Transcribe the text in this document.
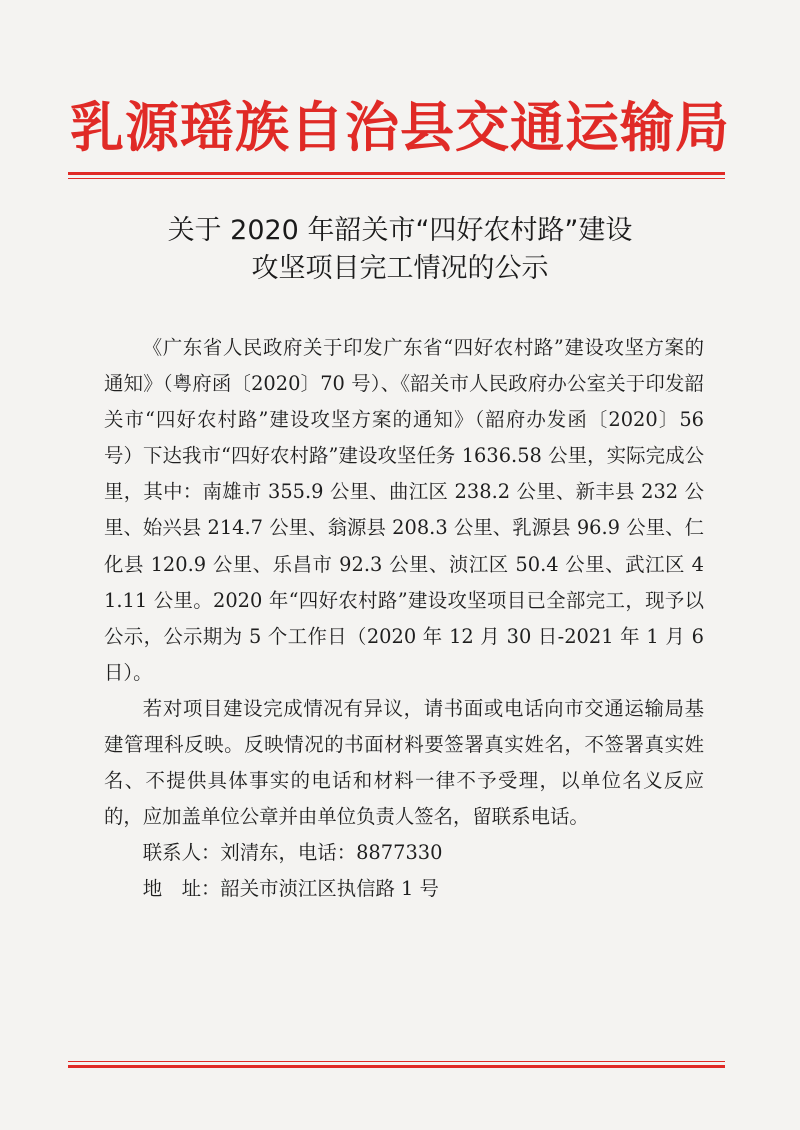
乳源瑶族自治县交通运输局
关于 2020 年韶关市“四好农村路”建设
攻坚项目完工情况的公示

《广东省人民政府关于印发广东省“四好农村路”建设攻坚方案的通知》（粤府函〔2020〕70 号）、《韶关市人民政府办公室关于印发韶关市“四好农村路”建设攻坚方案的通知》（韶府办发函〔2020〕56 号）下达我市“四好农村路”建设攻坚任务 1636.58 公里，实际完成公里，其中：南雄市 355.9 公里、曲江区 238.2 公里、新丰县 232 公里、始兴县 214.7 公里、翁源县 208.3 公里、乳源县 96.9 公里、仁化县 120.9 公里、乐昌市 92.3 公里、浈江区 50.4 公里、武江区 41.11 公里。2020 年“四好农村路”建设攻坚项目已全部完工，现予以公示，公示期为 5 个工作日（2020 年 12 月 30 日-2021 年 1 月 6 日）。

若对项目建设完成情况有异议，请书面或电话向市交通运输局基建管理科反映。反映情况的书面材料要签署真实姓名，不签署真实姓名、不提供具体事实的电话和材料一律不予受理，以单位名义反应的，应加盖单位公章并由单位负责人签名，留联系电话。

联系人：刘清东，电话：8877330

地　址：韶关市浈江区执信路 1 号
